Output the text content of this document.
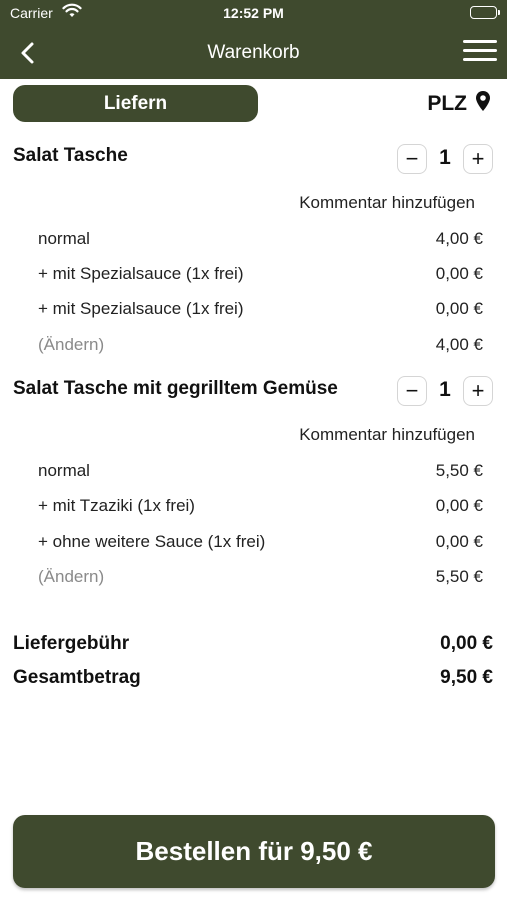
Carrier	12:52 PM
Warenkorb
Liefern	PLZ
Salat Tasche	− 1 +
Kommentar hinzufügen
normal	4,00 €
+ mit Spezialsauce (1x frei)	0,00 €
+ mit Spezialsauce (1x frei)	0,00 €
(Ändern)	4,00 €
Salat Tasche mit gegrilltem Gemüse	− 1 +
Kommentar hinzufügen
normal	5,50 €
+ mit Tzaziki (1x frei)	0,00 €
+ ohne weitere Sauce (1x frei)	0,00 €
(Ändern)	5,50 €
Liefergebühr	0,00 €
Gesamtbetrag	9,50 €
Bestellen für 9,50 €
